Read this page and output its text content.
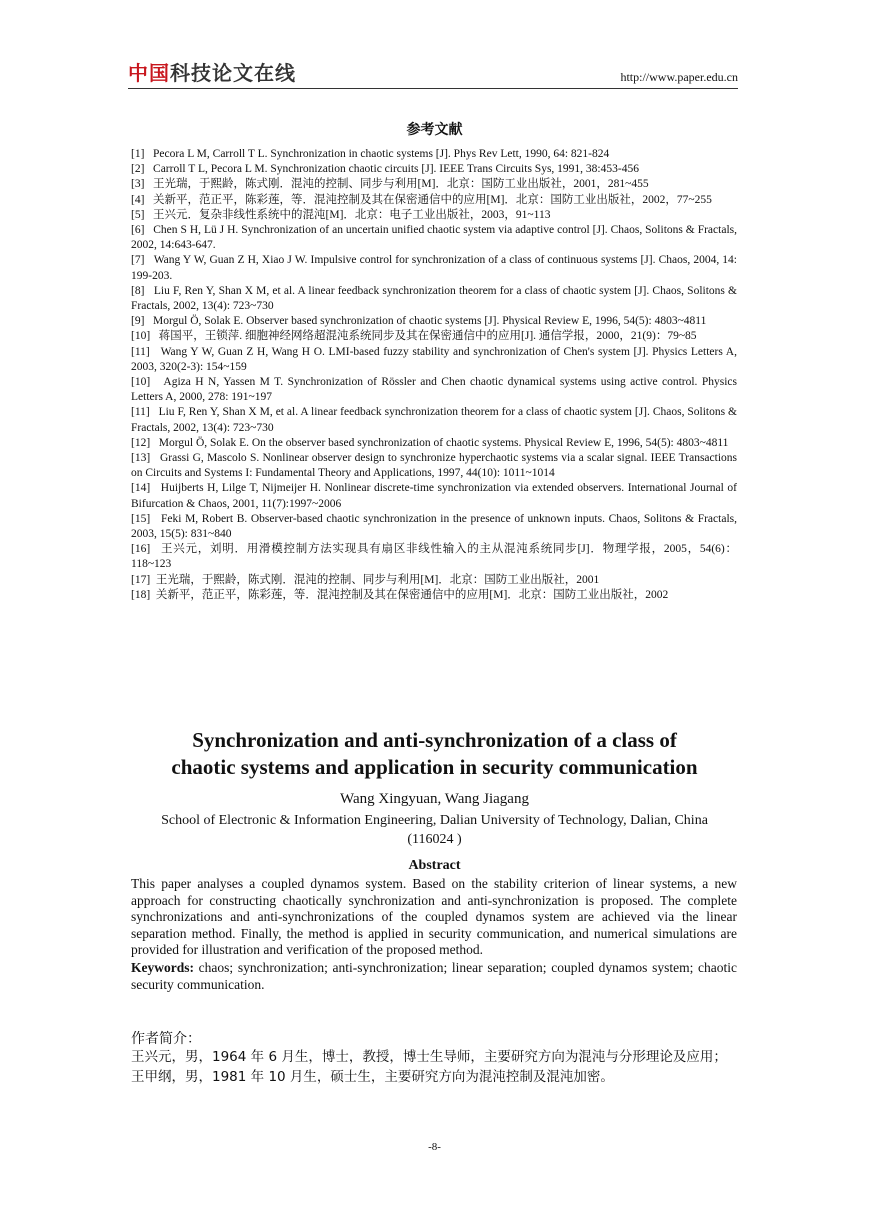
中国科技论文在线	http://www.paper.edu.cn
参考文献
[1]   Pecora L M, Carroll T L. Synchronization in chaotic systems [J]. Phys Rev Lett, 1990, 64: 821-824
[2]   Carroll T L, Pecora L M. Synchronization chaotic circuits [J]. IEEE Trans Circuits Sys, 1991, 38:453-456
[3]   王光瑞，于熙龄，陈式刚．混沌的控制、同步与利用[M]．北京：国防工业出版社，2001，281~455
[4]   关新平，范正平，陈彩莲，等．混沌控制及其在保密通信中的应用[M]．北京：国防工业出版社，2002，77~255
[5]   王兴元．复杂非线性系统中的混沌[M]．北京：电子工业出版社，2003，91~113
[6]   Chen S H, Lü J H. Synchronization of an uncertain unified chaotic system via adaptive control [J]. Chaos, Solitons & Fractals, 2002, 14:643-647.
[7]   Wang Y W, Guan Z H, Xiao J W. Impulsive control for synchronization of a class of continuous systems [J]. Chaos, 2004, 14: 199-203.
[8]   Liu F, Ren Y, Shan X M, et al. A linear feedback synchronization theorem for a class of chaotic system [J]. Chaos, Solitons & Fractals, 2002, 13(4): 723~730
[9]   Morgul Ö, Solak E. Observer based synchronization of chaotic systems [J]. Physical Review E, 1996, 54(5): 4803~4811
[10]   蒋国平，王锁萍. 细胞神经网络超混沌系统同步及其在保密通信中的应用[J]. 通信学报，2000，21(9)：79~85
[11]   Wang Y W, Guan Z H, Wang H O. LMI-based fuzzy stability and synchronization of Chen's system [J]. Physics Letters A, 2003, 320(2-3): 154~159
[10]   Agiza H N, Yassen M T. Synchronization of Rössler and Chen chaotic dynamical systems using active control. Physics Letters A, 2000, 278: 191~197
[11]   Liu F, Ren Y, Shan X M, et al. A linear feedback synchronization theorem for a class of chaotic system [J]. Chaos, Solitons & Fractals, 2002, 13(4): 723~730
[12]   Morgul Ö, Solak E. On the observer based synchronization of chaotic systems. Physical Review E, 1996, 54(5): 4803~4811
[13]   Grassi G, Mascolo S. Nonlinear observer design to synchronize hyperchaotic systems via a scalar signal. IEEE Transactions on Circuits and Systems I: Fundamental Theory and Applications, 1997, 44(10): 1011~1014
[14]   Huijberts H, Lilge T, Nijmeijer H. Nonlinear discrete-time synchronization via extended observers. International Journal of Bifurcation & Chaos, 2001, 11(7):1997~2006
[15]   Feki M, Robert B. Observer-based chaotic synchronization in the presence of unknown inputs. Chaos, Solitons & Fractals, 2003, 15(5): 831~840
[16]   王兴元，刘明．用滑模控制方法实现具有扇区非线性输入的主从混沌系统同步[J]．物理学报，2005，54(6)：118~123
[17]  王光瑞，于熙龄，陈式刚．混沌的控制、同步与利用[M]．北京：国防工业出版社，2001
[18]  关新平，范正平，陈彩莲，等．混沌控制及其在保密通信中的应用[M]．北京：国防工业出版社，2002
Synchronization and anti-synchronization of a class of
chaotic systems and application in security communication
Wang Xingyuan, Wang Jiagang
School of Electronic & Information Engineering, Dalian University of Technology, Dalian, China (116024 )
Abstract
This paper analyses a coupled dynamos system. Based on the stability criterion of linear systems, a new approach for constructing chaotically synchronization and anti-synchronization is proposed. The complete synchronizations and anti-synchronizations of the coupled dynamos system are achieved via the linear separation method. Finally, the method is applied in security communication, and numerical simulations are provided for illustration and verification of the proposed method.
Keywords: chaos; synchronization; anti-synchronization; linear separation; coupled dynamos system; chaotic security communication.
作者简介：
王兴元，男，1964 年 6 月生，博士，教授，博士生导师，主要研究方向为混沌与分形理论及应用；
王甲纲，男，1981 年 10 月生，硕士生，主要研究方向为混沌控制及混沌加密。
-8-
